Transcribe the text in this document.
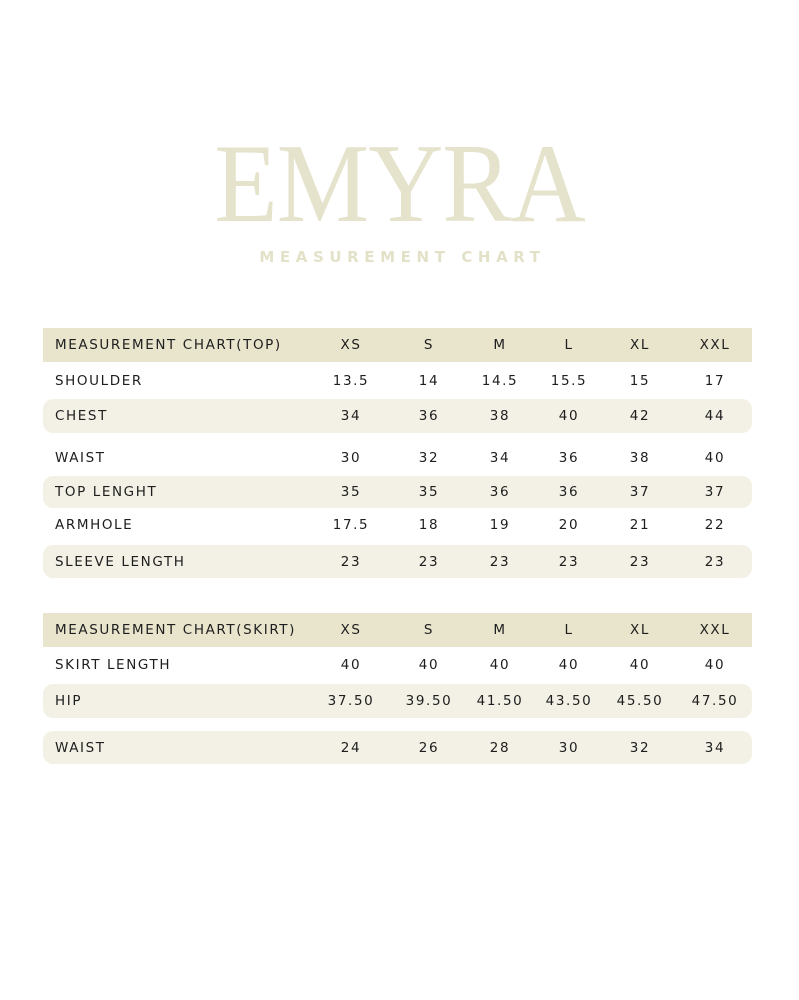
EMYRA
MEASUREMENT CHART
MEASUREMENT CHART(TOP)	XS	S	M	L	XL	XXL
SHOULDER	13.5	14	14.5	15.5	15	17
CHEST	34	36	38	40	42	44
WAIST	30	32	34	36	38	40
TOP LENGHT	35	35	36	36	37	37
ARMHOLE	17.5	18	19	20	21	22
SLEEVE LENGTH	23	23	23	23	23	23
MEASUREMENT CHART(SKIRT)	XS	S	M	L	XL	XXL
SKIRT LENGTH	40	40	40	40	40	40
HIP	37.50	39.50	41.50	43.50	45.50	47.50
WAIST	24	26	28	30	32	34
